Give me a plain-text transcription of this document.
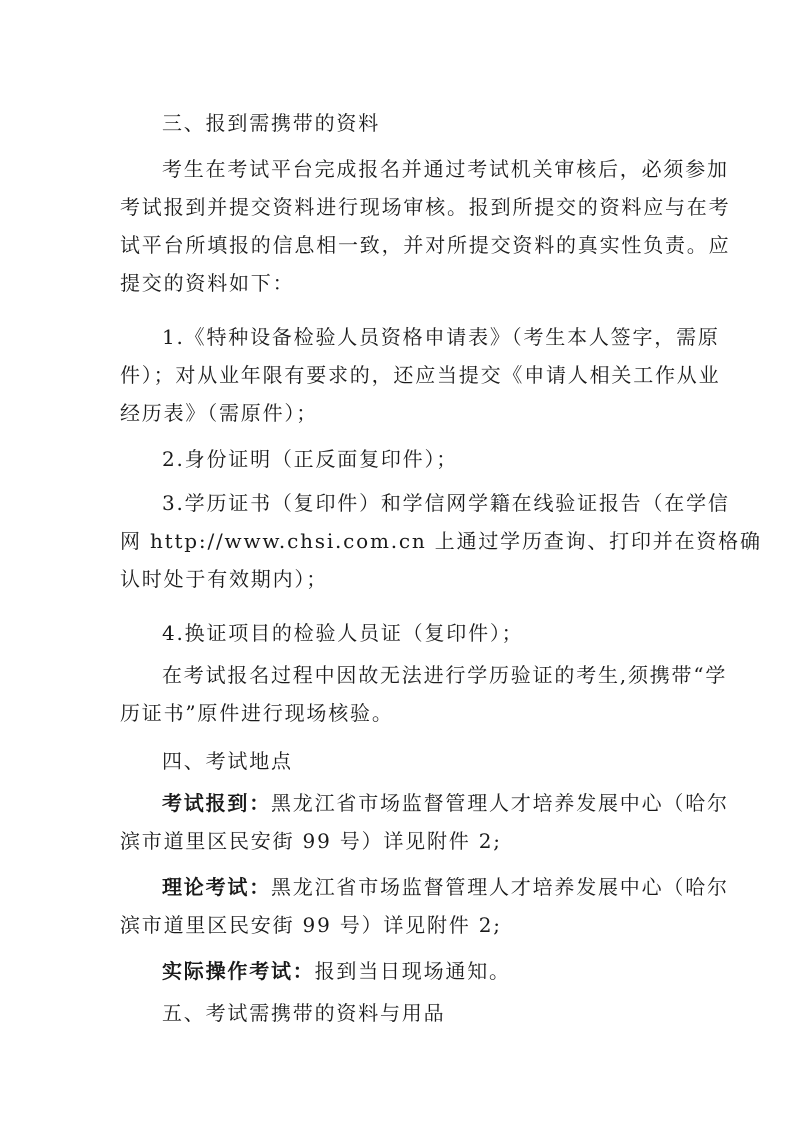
三、报到需携带的资料

考生在考试平台完成报名并通过考试机关审核后，必须参加

考试报到并提交资料进行现场审核。报到所提交的资料应与在考

试平台所填报的信息相一致，并对所提交资料的真实性负责。应

提交的资料如下：

1.《特种设备检验人员资格申请表》（考生本人签字，需原

件）；对从业年限有要求的，还应当提交《申请人相关工作从业

经历表》（需原件）；

2.身份证明（正反面复印件）；

3.学历证书（复印件）和学信网学籍在线验证报告（在学信

网 http://www.chsi.com.cn 上通过学历查询、打印并在资格确

认时处于有效期内）；

4.换证项目的检验人员证（复印件）；

在考试报名过程中因故无法进行学历验证的考生,须携带“学

历证书”原件进行现场核验。

四、考试地点

考试报到：黑龙江省市场监督管理人才培养发展中心（哈尔

滨市道里区民安街 99 号）详见附件 2;

理论考试：黑龙江省市场监督管理人才培养发展中心（哈尔

滨市道里区民安街 99 号）详见附件 2;

实际操作考试：报到当日现场通知。

五、考试需携带的资料与用品
